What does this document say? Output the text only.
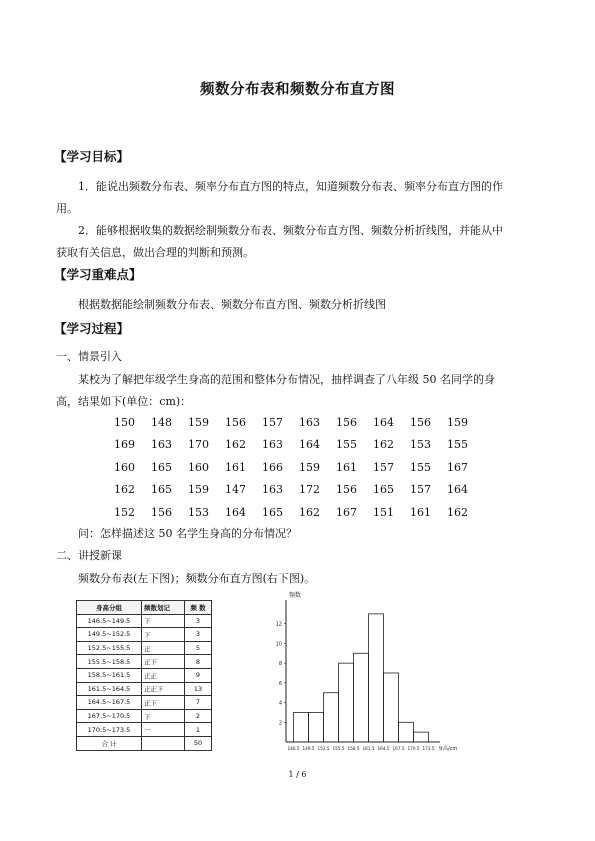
频数分布表和频数分布直方图
【学习目标】
1．能说出频数分布表、频率分布直方图的特点，知道频数分布表、频率分布直方图的作
用。
2．能够根据收集的数据绘制频数分布表、频数分布直方图、频数分析折线图，并能从中
获取有关信息，做出合理的判断和预测。
【学习重难点】
根据数据能绘制频数分布表、频数分布直方图、频数分析折线图
【学习过程】
一、情景引入
某校为了解把年级学生身高的范围和整体分布情况，抽样调查了八年级 50 名同学的身
高，结果如下(单位：cm)：
150	148	159	156	157	163	156	164	156	159
169	163	170	162	163	164	155	162	153	155
160	165	160	161	166	159	161	157	155	167
162	165	159	147	163	172	156	165	157	164
152	156	153	164	165	162	167	151	161	162
问：怎样描述这 50 名学生身高的分布情况？
二、讲授新课
频数分布表(左下图)；频数分布直方图(右下图)。
身高分组	频数划记	频 数
146.5~149.5	下	3
149.5~152.5	下	3
152.5~155.5	正	5
155.5~158.5	正下	8
158.5~161.5	正正	9
161.5~164.5	正正下	13
164.5~167.5	正下	7
167.5~170.5	下	2
170.5~173.5	一	1
合 计		50
频数
2
4
6
8
10
12
146.5 149.5 152.5 155.5 158.5 161.5 164.5 167.5 170.5 173.5 身高/cm
1 / 6
